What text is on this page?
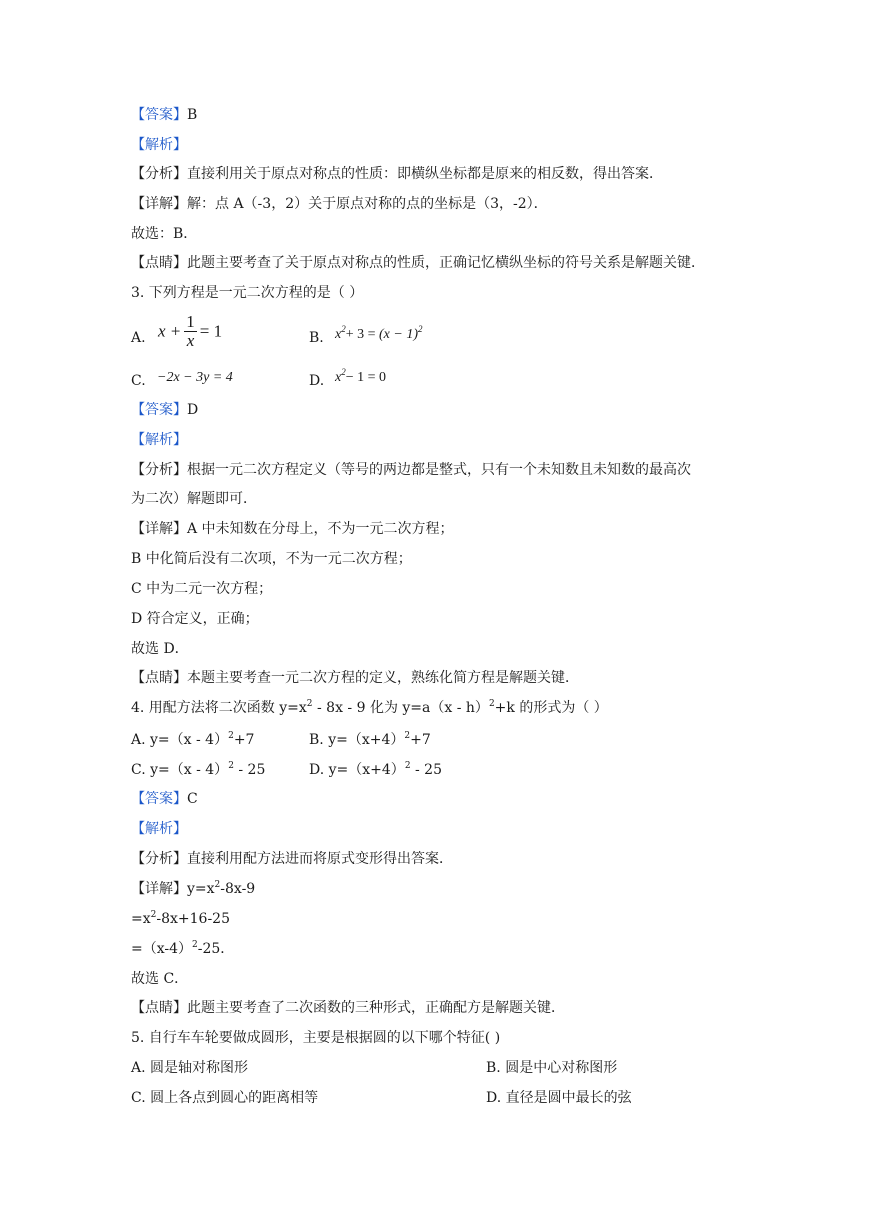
【答案】B
【解析】
【分析】直接利用关于原点对称点的性质：即横纵坐标都是原来的相反数，得出答案．
【详解】解：点 A（-3，2）关于原点对称的点的坐标是（3，-2）．
故选：B．
【点睛】此题主要考查了关于原点对称点的性质，正确记忆横纵坐标的符号关系是解题关键．
3. 下列方程是一元二次方程的是（ ）
A. $x + \frac{1}{x} = 1$	B. $x^2+ 3 = (x - 1)^2$
C. −2x − 3y = 4	D. $x^2- 1 = 0$
【答案】D
【解析】
【分析】根据一元二次方程定义（等号的两边都是整式，只有一个未知数且未知数的最高次
为二次）解题即可．
【详解】A 中未知数在分母上，不为一元二次方程；
B 中化简后没有二次项，不为一元二次方程；
C 中为二元一次方程；
D 符合定义，正确；
故选 D．
【点睛】本题主要考查一元二次方程的定义，熟练化简方程是解题关键．
4. 用配方法将二次函数 $y=x^2 - 8x - 9$ 化为 y=a（x - h）$^2$+k 的形式为（ ）
A. y=（x - 4）$^2$+7	B. $y=(x+4)^2+7$
C. y=（x - 4）$^2$ - 25	D. $y=(x+4)^2 - 25$
【答案】C
【解析】
【分析】直接利用配方法进而将原式变形得出答案．
【详解】$y=x^2-8x-9$
$=x^2-8x+16-25$
$=(x-4)^2-25$．
故选 C．
【点睛】此题主要考查了二次函数的三种形式，正确配方是解题关键．
5. 自行车车轮要做成圆形，主要是根据圆的以下哪个特征( )
A. 圆是轴对称图形	B. 圆是中心对称图形
C. 圆上各点到圆心的距离相等	D. 直径是圆中最长的弦
